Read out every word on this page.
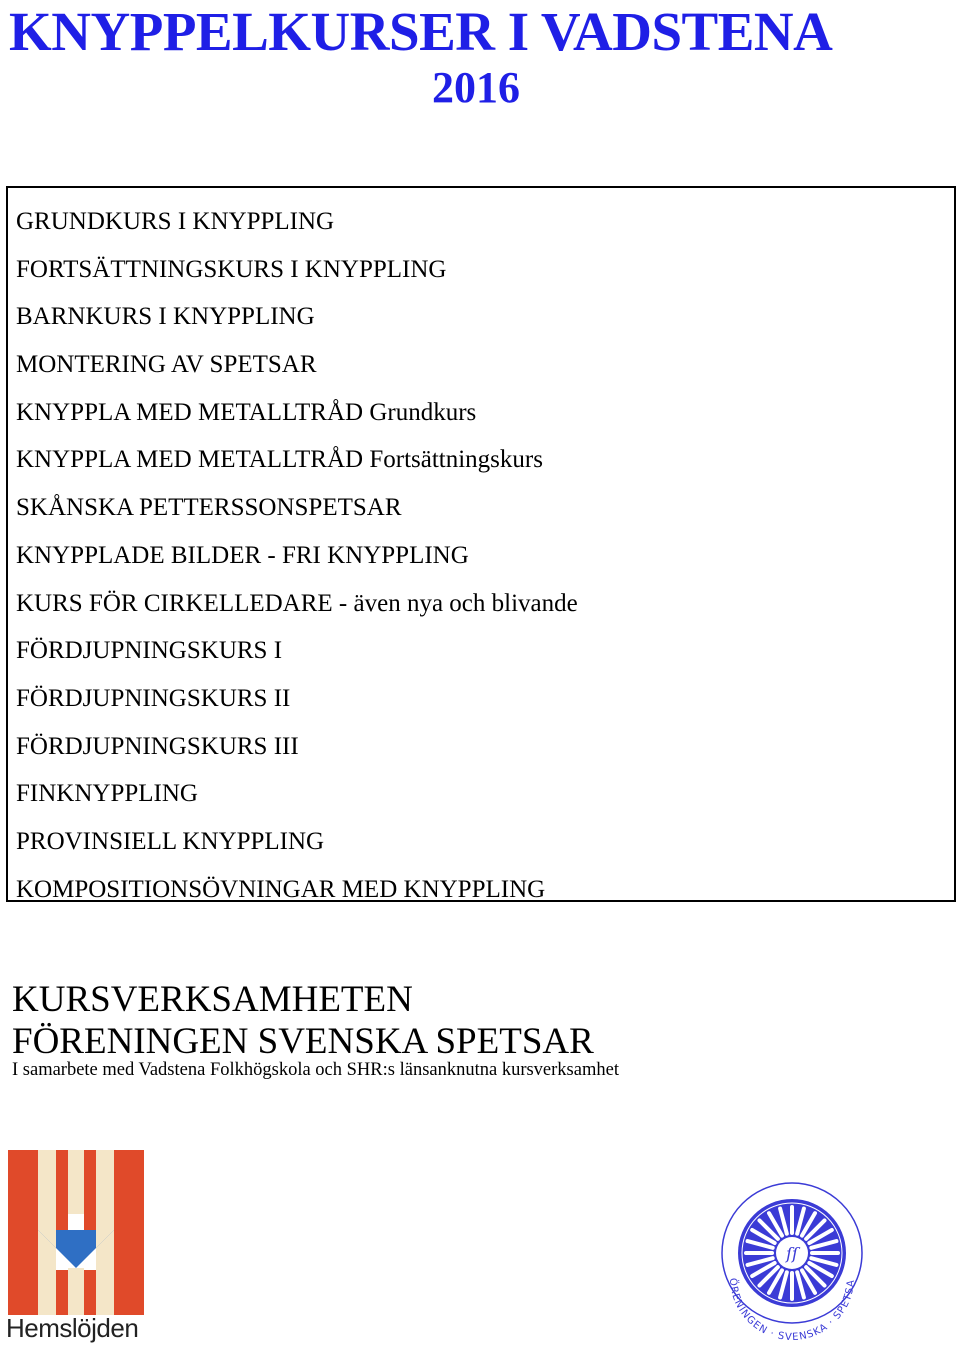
KNYPPELKURSER I VADSTENA
2016
GRUNDKURS I KNYPPLING
FORTSÄTTNINGSKURS I KNYPPLING
BARNKURS I KNYPPLING
MONTERING AV SPETSAR
KNYPPLA MED METALLTRÅD Grundkurs
KNYPPLA MED METALLTRÅD Fortsättningskurs
SKÅNSKA PETTERSSONSPETSAR
KNYPPLADE BILDER - FRI KNYPPLING
KURS FÖR CIRKELLEDARE - även nya och blivande
FÖRDJUPNINGSKURS I
FÖRDJUPNINGSKURS II
FÖRDJUPNINGSKURS III
FINKNYPPLING
PROVINSIELL KNYPPLING
KOMPOSITIONSÖVNINGAR MED KNYPPLING
KURSVERKSAMHETEN
FÖRENINGEN SVENSKA SPETSAR
I samarbete med Vadstena Folkhögskola och SHR:s länsanknutna kursverksamhet
Hemslöjden
ſſ
ÖRENINGEN · SVENSKA · SPETSA
